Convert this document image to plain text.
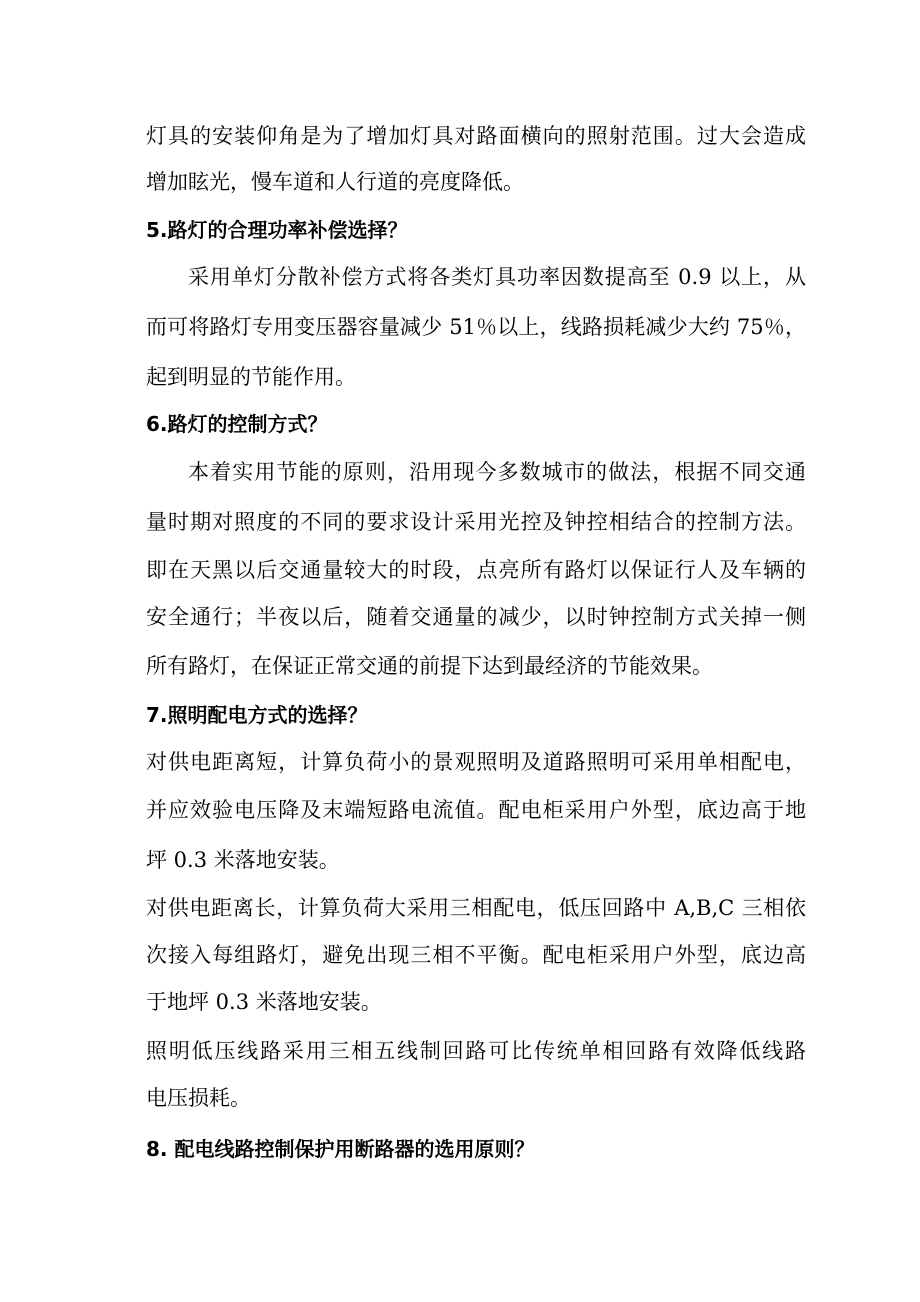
灯具的安装仰角是为了增加灯具对路面横向的照射范围。过大会造成
增加眩光，慢车道和人行道的亮度降低。
5.路灯的合理功率补偿选择？
采用单灯分散补偿方式将各类灯具功率因数提高至 0.9 以上，从
而可将路灯专用变压器容量减少 51％以上，线路损耗减少大约 75％，
起到明显的节能作用。
6.路灯的控制方式？
本着实用节能的原则，沿用现今多数城市的做法，根据不同交通
量时期对照度的不同的要求设计采用光控及钟控相结合的控制方法。
即在天黑以后交通量较大的时段，点亮所有路灯以保证行人及车辆的
安全通行；半夜以后，随着交通量的减少，以时钟控制方式关掉一侧
所有路灯，在保证正常交通的前提下达到最经济的节能效果。
7.照明配电方式的选择？
对供电距离短，计算负荷小的景观照明及道路照明可采用单相配电，
并应效验电压降及末端短路电流值。配电柜采用户外型，底边高于地
坪 0.3 米落地安装。
对供电距离长，计算负荷大采用三相配电，低压回路中 A,B,C 三相依
次接入每组路灯，避免出现三相不平衡。配电柜采用户外型，底边高
于地坪 0.3 米落地安装。
照明低压线路采用三相五线制回路可比传统单相回路有效降低线路
电压损耗。
8. 配电线路控制保护用断路器的选用原则？
